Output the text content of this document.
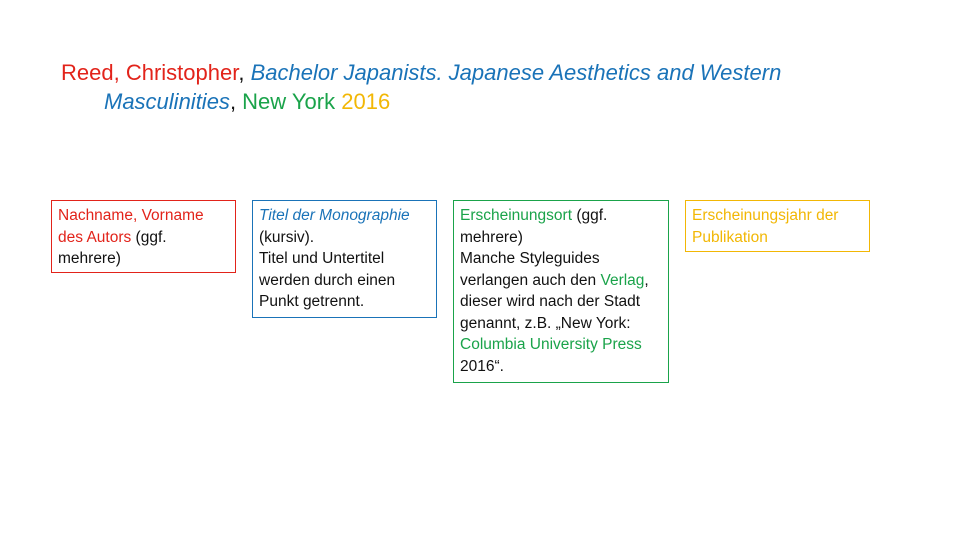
Reed, Christopher, Bachelor Japanists. Japanese Aesthetics and Western
Masculinities, New York 2016
Nachname, Vorname des Autors (ggf. mehrere)
Titel der Monographie
(kursiv).
Titel und Untertitel werden durch einen Punkt getrennt.
Erscheinungsort (ggf. mehrere)
Manche Styleguides verlangen auch den Verlag, dieser wird nach der Stadt genannt, z.B. „New York: Columbia University Press 2016“.
Erscheinungsjahr der Publikation
